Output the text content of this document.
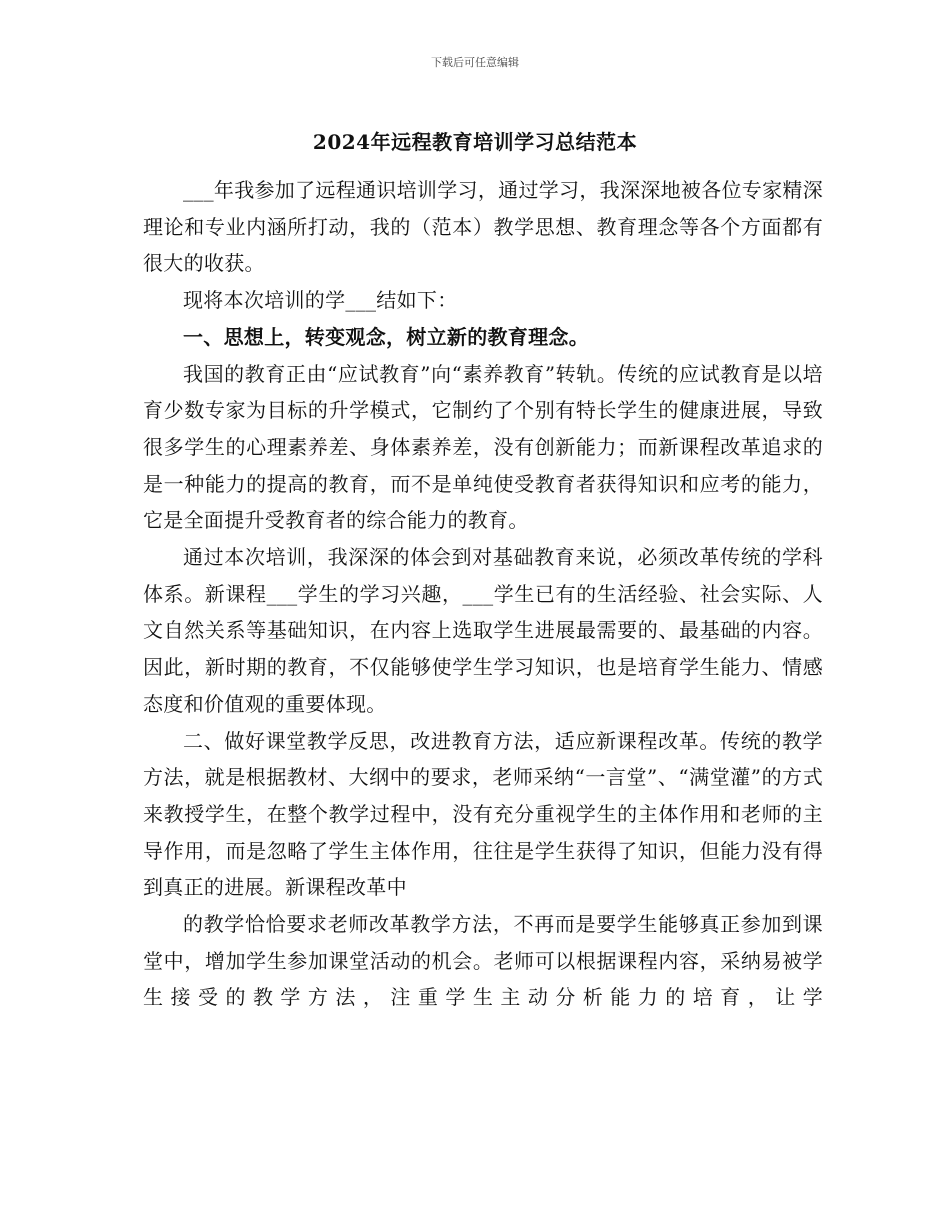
下载后可任意编辑
2024年远程教育培训学习总结范本

___年我参加了远程通识培训学习，通过学习，我深深地被各位专家精深理论和专业内涵所打动，我的（范本）教学思想、教育理念等各个方面都有很大的收获。

现将本次培训的学___结如下：

一、思想上，转变观念，树立新的教育理念。

我国的教育正由“应试教育”向“素养教育”转轨。传统的应试教育是以培育少数专家为目标的升学模式，它制约了个别有特长学生的健康进展，导致很多学生的心理素养差、身体素养差，没有创新能力；而新课程改革追求的是一种能力的提高的教育，而不是单纯使受教育者获得知识和应考的能力，它是全面提升受教育者的综合能力的教育。

通过本次培训，我深深的体会到对基础教育来说，必须改革传统的学科体系。新课程___学生的学习兴趣，___学生已有的生活经验、社会实际、人文自然关系等基础知识，在内容上选取学生进展最需要的、最基础的内容。因此，新时期的教育，不仅能够使学生学习知识，也是培育学生能力、情感态度和价值观的重要体现。

二、做好课堂教学反思，改进教育方法，适应新课程改革。传统的教学方法，就是根据教材、大纲中的要求，老师采纳“一言堂”、“满堂灌”的方式来教授学生，在整个教学过程中，没有充分重视学生的主体作用和老师的主导作用，而是忽略了学生主体作用，往往是学生获得了知识，但能力没有得到真正的进展。新课程改革中

的教学恰恰要求老师改革教学方法，不再而是要学生能够真正参加到课堂中，增加学生参加课堂活动的机会。老师可以根据课程内容，采纳易被学生接受的教学方法，注重学生主动分析能力的培育，让学
